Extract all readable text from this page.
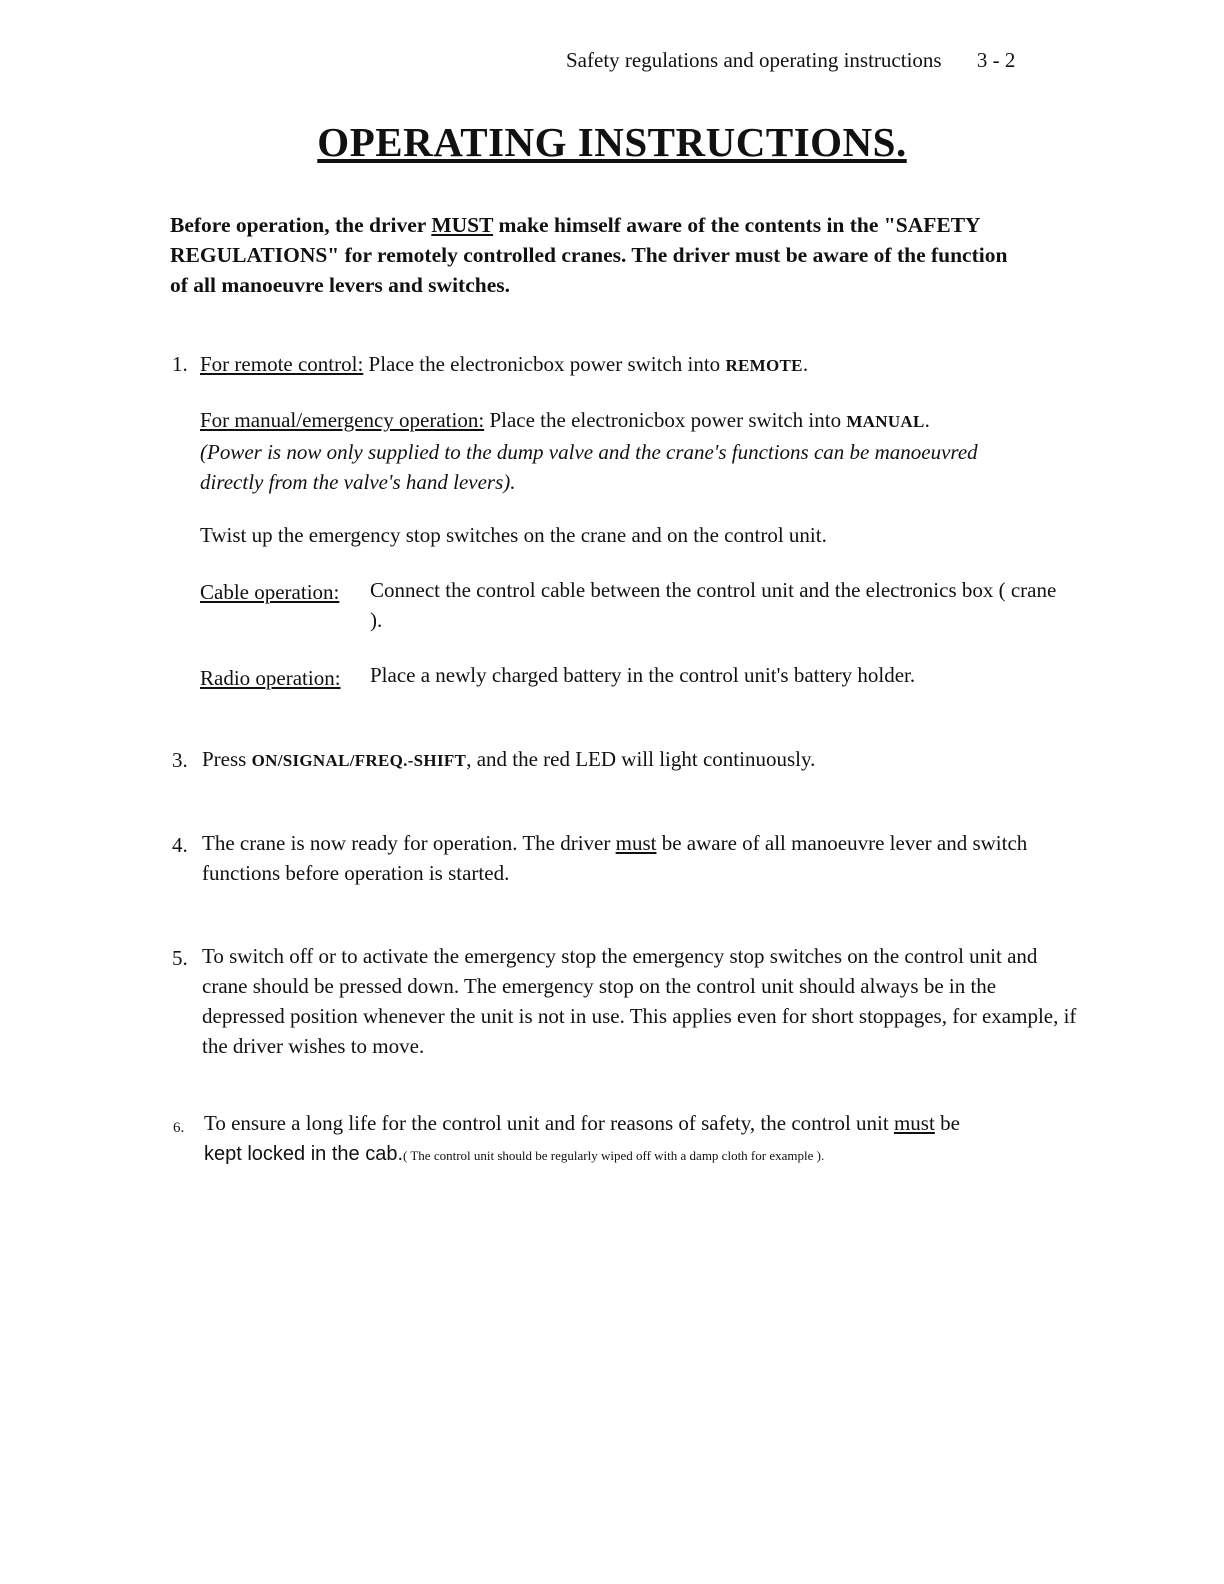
Safety regulations and operating instructions 3 - 2
OPERATING INSTRUCTIONS.
Before operation, the driver MUST make himself aware of the contents in the "SAFETY REGULATIONS" for remotely controlled cranes. The driver must be aware of the function of all manoeuvre levers and switches.
1. For remote control: Place the electronicbox power switch into REMOTE.
For manual/emergency operation: Place the electronicbox power switch into MANUAL.
(Power is now only supplied to the dump valve and the crane's functions can be manoeuvred directly from the valve's hand levers).
Twist up the emergency stop switches on the crane and on the control unit.
Cable operation: Connect the control cable between the control unit and the electronics box ( crane ).
Radio operation: Place a newly charged battery in the control unit's battery holder.
3. Press ON/SIGNAL/FREQ.-SHIFT, and the red LED will light continuously.
4. The crane is now ready for operation. The driver must be aware of all manoeuvre lever and switch functions before operation is started.
5. To switch off or to activate the emergency stop the emergency stop switches on the control unit and crane should be pressed down. The emergency stop on the control unit should always be in the depressed position whenever the unit is not in use. This applies even for short stoppages, for example, if the driver wishes to move.
6. To ensure a long life for the control unit and for reasons of safety, the control unit must be
kept locked in the cab.( The control unit should be regularly wiped off with a damp cloth for example ).
